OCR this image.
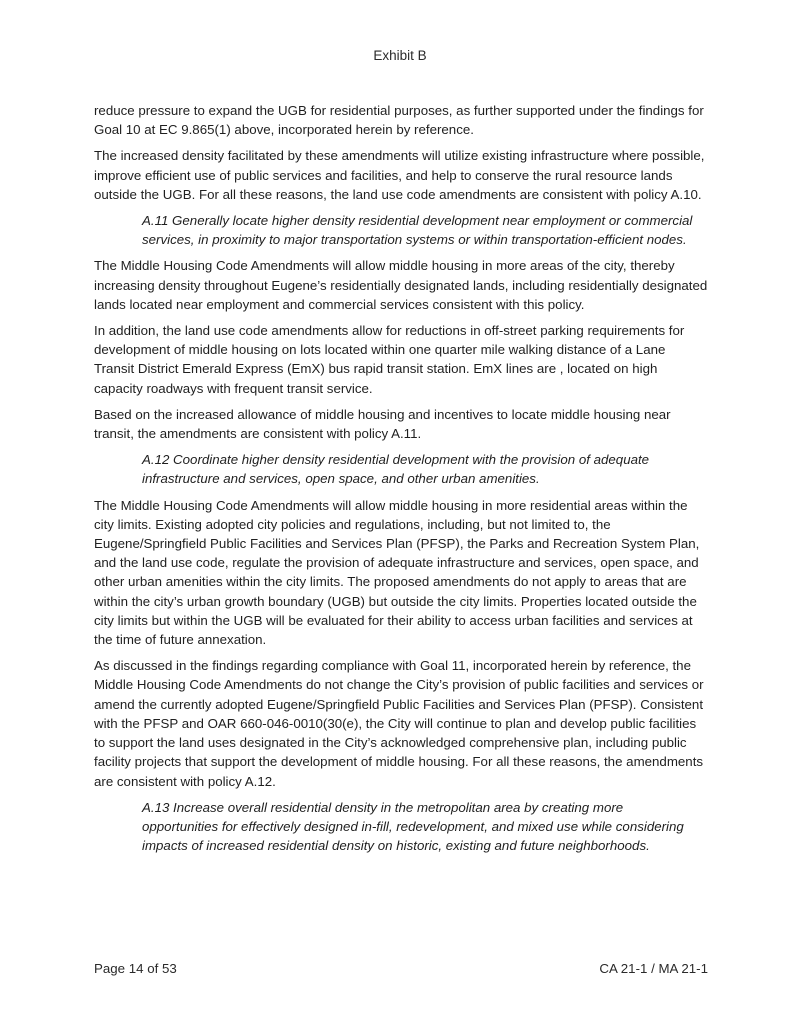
Exhibit B

reduce pressure to expand the UGB for residential purposes, as further supported under the findings for Goal 10 at EC 9.865(1) above, incorporated herein by reference.

The increased density facilitated by these amendments will utilize existing infrastructure where possible, improve efficient use of public services and facilities, and help to conserve the rural resource lands outside the UGB. For all these reasons, the land use code amendments are consistent with policy A.10.

A.11 Generally locate higher density residential development near employment or commercial services, in proximity to major transportation systems or within transportation-efficient nodes.

The Middle Housing Code Amendments will allow middle housing in more areas of the city, thereby increasing density throughout Eugene’s residentially designated lands, including residentially designated lands located near employment and commercial services consistent with this policy.

In addition, the land use code amendments allow for reductions in off-street parking requirements for development of middle housing on lots located within one quarter mile walking distance of a Lane Transit District Emerald Express (EmX) bus rapid transit station. EmX lines are , located on high capacity roadways with frequent transit service.

Based on the increased allowance of middle housing and incentives to locate middle housing near transit, the amendments are consistent with policy A.11.

A.12 Coordinate higher density residential development with the provision of adequate infrastructure and services, open space, and other urban amenities.

The Middle Housing Code Amendments will allow middle housing in more residential areas within the city limits. Existing adopted city policies and regulations, including, but not limited to, the Eugene/Springfield Public Facilities and Services Plan (PFSP), the Parks and Recreation System Plan, and the land use code, regulate the provision of adequate infrastructure and services, open space, and other urban amenities within the city limits. The proposed amendments do not apply to areas that are within the city’s urban growth boundary (UGB) but outside the city limits. Properties located outside the city limits but within the UGB will be evaluated for their ability to access urban facilities and services at the time of future annexation.

As discussed in the findings regarding compliance with Goal 11, incorporated herein by reference, the Middle Housing Code Amendments do not change the City’s provision of public facilities and services or amend the currently adopted Eugene/Springfield Public Facilities and Services Plan (PFSP). Consistent with the PFSP and OAR 660-046-0010(30(e), the City will continue to plan and develop public facilities to support the land uses designated in the City’s acknowledged comprehensive plan, including public facility projects that support the development of middle housing. For all these reasons, the amendments are consistent with policy A.12.

A.13 Increase overall residential density in the metropolitan area by creating more opportunities for effectively designed in-fill, redevelopment, and mixed use while considering impacts of increased residential density on historic, existing and future neighborhoods.

Page 14 of 53	CA 21-1 / MA 21-1
